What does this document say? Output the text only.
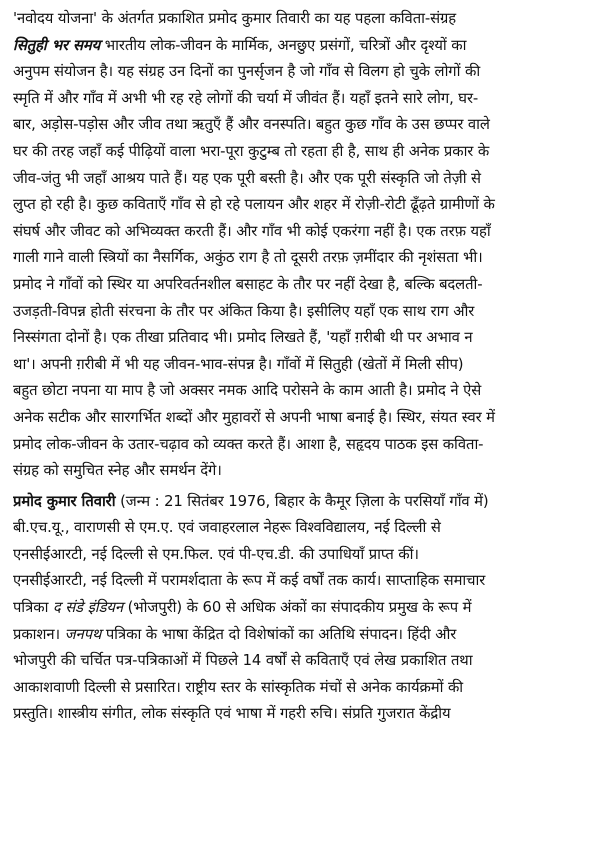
'नवोदय योजना' के अंतर्गत प्रकाशित प्रमोद कुमार तिवारी का यह पहला कविता-संग्रह
सितुही भर समय भारतीय लोक-जीवन के मार्मिक, अनछुए प्रसंगों, चरित्रों और दृश्यों का
अनुपम संयोजन है। यह संग्रह उन दिनों का पुनर्सृजन है जो गाँव से विलग हो चुके लोगों की
स्मृति में और गाँव में अभी भी रह रहे लोगों की चर्या में जीवंत हैं। यहाँ इतने सारे लोग, घर-
बार, अड़ोस-पड़ोस और जीव तथा ऋतुएँ हैं और वनस्पति। बहुत कुछ गाँव के उस छप्पर वाले
घर की तरह जहाँ कई पीढ़ियों वाला भरा-पूरा कुटुम्ब तो रहता ही है, साथ ही अनेक प्रकार के
जीव-जंतु भी जहाँ आश्रय पाते हैं। यह एक पूरी बस्ती है। और एक पूरी संस्कृति जो तेज़ी से
लुप्त हो रही है। कुछ कविताएँ गाँव से हो रहे पलायन और शहर में रोज़ी-रोटी ढूँढ़ते ग्रामीणों के
संघर्ष और जीवट को अभिव्यक्त करती हैं। और गाँव भी कोई एकरंगा नहीं है। एक तरफ़ यहाँ
गाली गाने वाली स्त्रियों का नैसर्गिक, अकुंठ राग है तो दूसरी तरफ़ ज़मींदार की नृशंसता भी।
प्रमोद ने गाँवों को स्थिर या अपरिवर्तनशील बसाहट के तौर पर नहीं देखा है, बल्कि बदलती-
उजड़ती-विपन्न होती संरचना के तौर पर अंकित किया है। इसीलिए यहाँ एक साथ राग और
निस्संगता दोनों है। एक तीखा प्रतिवाद भी। प्रमोद लिखते हैं, 'यहाँ ग़रीबी थी पर अभाव न
था'। अपनी ग़रीबी में भी यह जीवन-भाव-संपन्न है। गाँवों में सितुही (खेतों में मिली सीप)
बहुत छोटा नपना या माप है जो अक्सर नमक आदि परोसने के काम आती है। प्रमोद ने ऐसे
अनेक सटीक और सारगर्भित शब्दों और मुहावरों से अपनी भाषा बनाई है। स्थिर, संयत स्वर में
प्रमोद लोक-जीवन के उतार-चढ़ाव को व्यक्त करते हैं। आशा है, सहृदय पाठक इस कविता-
संग्रह को समुचित स्नेह और समर्थन देंगे।
प्रमोद कुमार तिवारी (जन्म : 21 सितंबर 1976, बिहार के कैमूर ज़िला के परसियाँ गाँव में)
बी.एच.यू., वाराणसी से एम.ए. एवं जवाहरलाल नेहरू विश्वविद्यालय, नई दिल्ली से
एनसीईआरटी, नई दिल्ली से एम.फिल. एवं पी-एच.डी. की उपाधियाँ प्राप्त कीं।
एनसीईआरटी, नई दिल्ली में परामर्शदाता के रूप में कई वर्षों तक कार्य। साप्ताहिक समाचार
पत्रिका द संडे इंडियन (भोजपुरी) के 60 से अधिक अंकों का संपादकीय प्रमुख के रूप में
प्रकाशन। जनपथ पत्रिका के भाषा केंद्रित दो विशेषांकों का अतिथि संपादन। हिंदी और
भोजपुरी की चर्चित पत्र-पत्रिकाओं में पिछले 14 वर्षों से कविताएँ एवं लेख प्रकाशित तथा
आकाशवाणी दिल्ली से प्रसारित। राष्ट्रीय स्तर के सांस्कृतिक मंचों से अनेक कार्यक्रमों की
प्रस्तुति। शास्त्रीय संगीत, लोक संस्कृति एवं भाषा में गहरी रुचि। संप्रति गुजरात केंद्रीय
